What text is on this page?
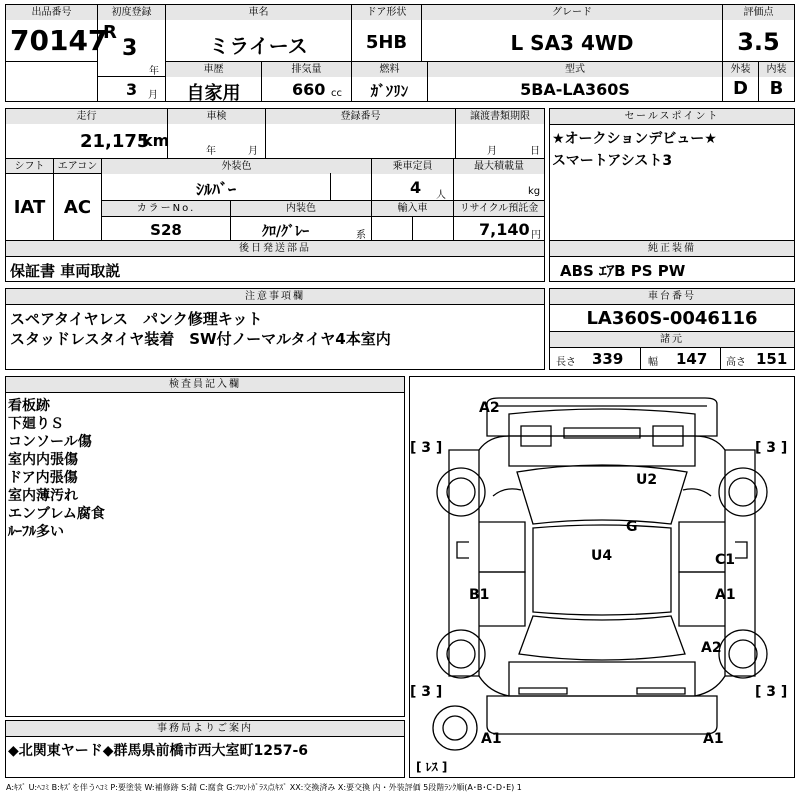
出品番号
70147
初度登録
R
3
年
3 月
車名
ミライース
ドア形状
5HB
グレード
L SA3 4WD
評価点
3.5
車歴
自家用
排気量
660 cc
燃料
ｶﾞｿﾘﾝ
型式
5BA-LA360S
外装	内装
D	B
走行
21,175
km
車検
年	月
登録番号	譲渡書類期限
月	日
シフト
IAT
エアコン
AC
外装色
ｼﾙﾊﾞｰ
乗車定員
4 人
最大積載量
kg
カラーNo.
S28
内装色
ｸﾛ/ｸﾞﾚｰ	系
輸入車	リサイクル預託金
7,140 円
後日発送部品
保証書 車両取説
セールスポイント
★オークションデビュー★
スマートアシスト3
純正装備
ABS ｴｱB PS PW
注意事項欄
スペアタイヤレス　パンク修理キット
スタッドレスタイヤ装着　SW付ノーマルタイヤ4本室内
車台番号
LA360S-0046116
諸元
長さ 339 幅 147 高さ 151
検査員記入欄
看板跡
下廻りＳ
コンソール傷
室内内張傷
ドア内張傷
室内薄汚れ
エンブレム腐食
ﾙｰﾌﾙ多い
事務局よりご案内
◆北関東ヤード◆群馬県前橋市西大室町1257-6
A2
U2
G
U4	C1
B1	A1
A2
A1	A1
[ 3 ]	[ 3 ]
[ 3 ]	[ 3 ]
[ ﾚｽ ]
A:ｷｽﾞ U:ﾍｺﾐ B:ｷｽﾞを伴うﾍｺﾐ P:要塗装 W:補修跡 S:錆 C:腐食 G:ﾌﾛﾝﾄｶﾞﾗｽ点ｷｽﾞ XX:交換済み X:要交換 内・外装評価 5段階ﾗﾝｸ順(A･B･C･D･E) 1
